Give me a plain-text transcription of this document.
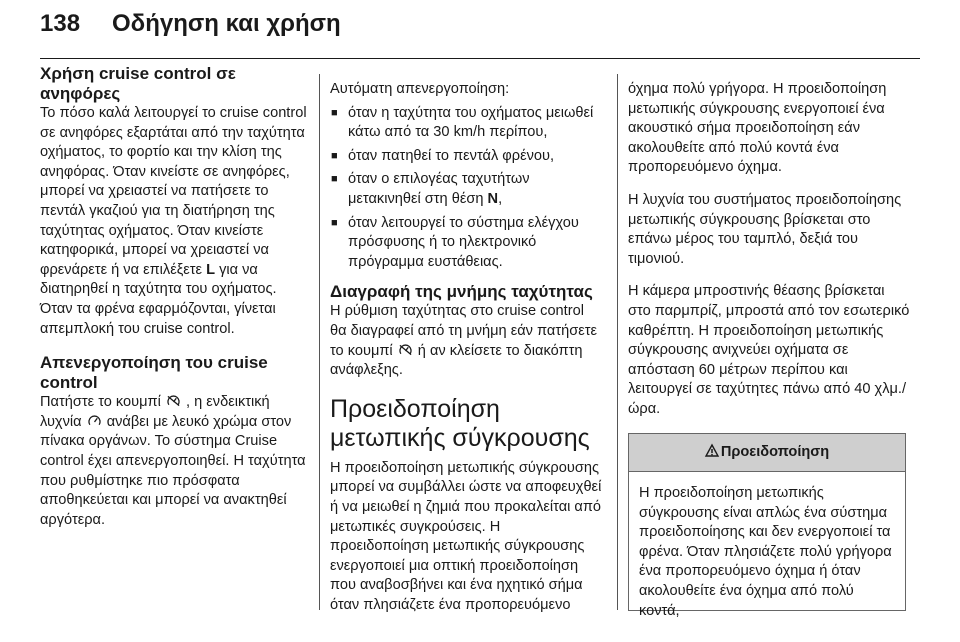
138 Οδήγηση και χρήση
Χρήση cruise control σε ανηφόρες

Το πόσο καλά λειτουργεί το cruise control σε ανηφόρες εξαρτάται από την ταχύτητα οχήματος, το φορτίο και την κλίση της ανηφόρας. Όταν κινείστε σε ανηφόρες, μπορεί να χρειαστεί να πατήσετε το πεντάλ γκαζιού για τη διατήρηση της ταχύτητας οχήματος. Όταν κινείστε κατηφορικά, μπορεί να χρειαστεί να φρενάρετε ή να επιλέξετε L για να διατηρηθεί η ταχύτητα του οχήματος. Όταν τα φρένα εφαρμόζονται, γίνεται απεμπλοκή του cruise control.

Απενεργοποίηση του cruise control

Πατήστε το κουμπί , η ενδεικτική λυχνία ανάβει με λευκό χρώμα στον πίνακα οργάνων. Το σύστημα Cruise control έχει απενεργοποιηθεί. Η ταχύτητα που ρυθμίστηκε πιο πρόσφατα αποθηκεύεται και μπορεί να ανακτηθεί αργότερα.

Αυτόματη απενεργοποίηση:

■ όταν η ταχύτητα του οχήματος μειωθεί κάτω από τα 30 km/h περίπου,
■ όταν πατηθεί το πεντάλ φρένου,
■ όταν ο επιλογέας ταχυτήτων μετακινηθεί στη θέση N,
■ όταν λειτουργεί το σύστημα ελέγχου πρόσφυσης ή το ηλεκτρονικό πρόγραμμα ευστάθειας.
Διαγραφή της μνήμης ταχύτητας

Η ρύθμιση ταχύτητας στο cruise control θα διαγραφεί από τη μνήμη εάν πατήσετε το κουμπί ή αν κλείσετε το διακόπτη ανάφλεξης.

Προειδοποίηση μετωπικής σύγκρουσης

Η προειδοποίηση μετωπικής σύγκρουσης μπορεί να συμβάλλει ώστε να αποφευχθεί ή να μειωθεί η ζημιά που προκαλείται από μετωπικές συγκρούσεις. Η προειδοποίηση μετωπικής σύγκρουσης ενεργοποιεί μια οπτική προειδοποίηση που αναβοσβήνει και ένα ηχητικό σήμα όταν πλησιάζετε ένα προπορευόμενο

όχημα πολύ γρήγορα. Η προειδοποίηση μετωπικής σύγκρουσης ενεργοποιεί ένα ακουστικό σήμα προειδοποίηση εάν ακολουθείτε από πολύ κοντά ένα προπορευόμενο όχημα.

Η λυχνία του συστήματος προειδοποίησης μετωπικής σύγκρουσης βρίσκεται στο επάνω μέρος του ταμπλό, δεξιά του τιμονιού.

Η κάμερα μπροστινής θέασης βρίσκεται στο παρμπρίζ, μπροστά από τον εσωτερικό καθρέπτη. Η προειδοποίηση μετωπικής σύγκρουσης ανιχνεύει οχήματα σε απόσταση 60 μέτρων περίπου και λειτουργεί σε ταχύτητες πάνω από 40 χλμ./ώρα.

Προειδοποίηση
Η προειδοποίηση μετωπικής σύγκρουσης είναι απλώς ένα σύστημα προειδοποίησης και δεν ενεργοποιεί τα φρένα. Όταν πλησιάζετε πολύ γρήγορα ένα προπορευόμενο όχημα ή όταν ακολουθείτε ένα όχημα από πολύ κοντά,
